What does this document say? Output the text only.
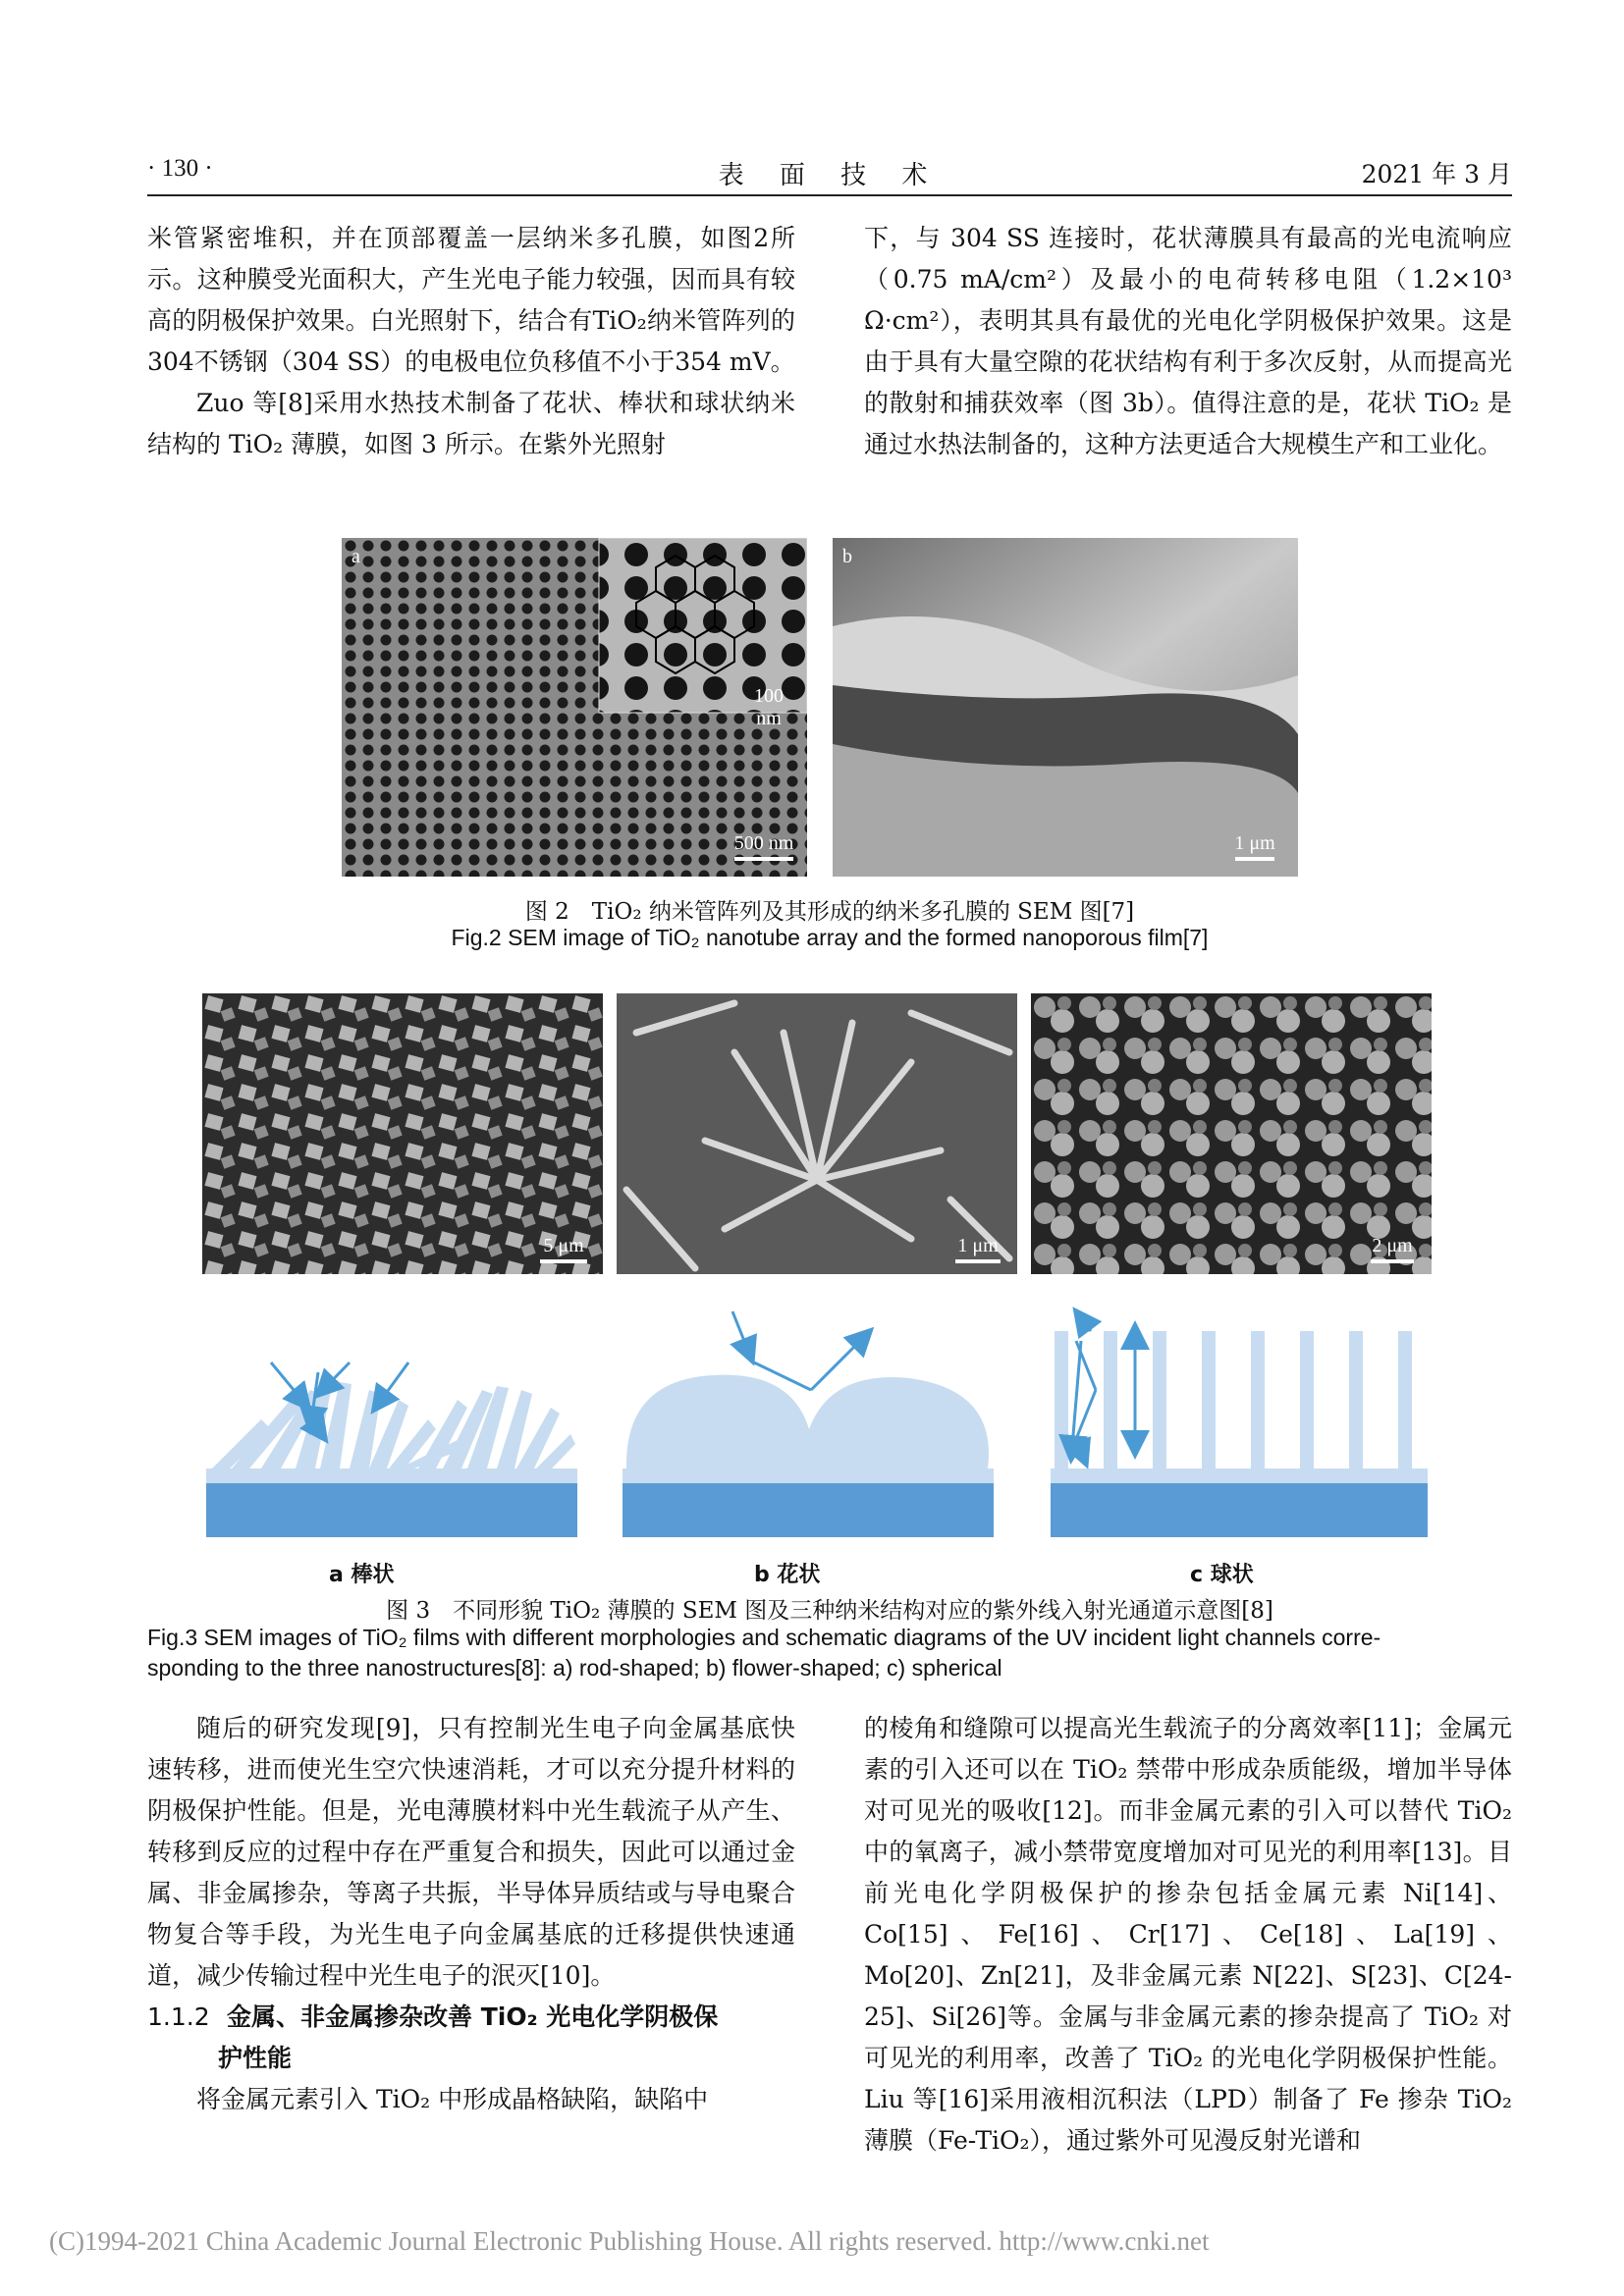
· 130 ·	表 面 技 术	2021 年 3 月

米管紧密堆积，并在顶部覆盖一层纳米多孔膜，如图2所示。这种膜受光面积大，产生光电子能力较强，因而具有较高的阴极保护效果。白光照射下，结合有TiO₂纳米管阵列的304不锈钢（304 SS）的电极电位负移值不小于354 mV。

Zuo 等[8]采用水热技术制备了花状、棒状和球状纳米结构的 TiO₂ 薄膜，如图 3 所示。在紫外光照射

下，与 304 SS 连接时，花状薄膜具有最高的光电流响应（0.75 mA/cm²）及最小的电荷转移电阻（1.2×10³ Ω·cm²），表明其具有最优的光电化学阴极保护效果。这是由于具有大量空隙的花状结构有利于多次反射，从而提高光的散射和捕获效率（图 3b）。值得注意的是，花状 TiO₂ 是通过水热法制备的，这种方法更适合大规模生产和工业化。

a
100 nm
500 nm
b
1 μm
图 2　TiO₂ 纳米管阵列及其形成的纳米多孔膜的 SEM 图[7]
Fig.2 SEM image of TiO₂ nanotube array and the formed nanoporous film[7]
5 μm	1 μm	2 μm
a 棒状	b 花状	c 球状
图 3　不同形貌 TiO₂ 薄膜的 SEM 图及三种纳米结构对应的紫外线入射光通道示意图[8]
Fig.3 SEM images of TiO₂ films with different morphologies and schematic diagrams of the UV incident light channels corre-
sponding to the three nanostructures[8]: a) rod-shaped; b) flower-shaped; c) spherical

随后的研究发现[9]，只有控制光生电子向金属基底快速转移，进而使光生空穴快速消耗，才可以充分提升材料的阴极保护性能。但是，光电薄膜材料中光生载流子从产生、转移到反应的过程中存在严重复合和损失，因此可以通过金属、非金属掺杂，等离子共振，半导体异质结或与导电聚合物复合等手段，为光生电子向金属基底的迁移提供快速通道，减少传输过程中光生电子的泯灭[10]。

1.1.2 金属、非金属掺杂改善 TiO₂ 光电化学阴极保
护性能

将金属元素引入 TiO₂ 中形成晶格缺陷，缺陷中

的棱角和缝隙可以提高光生载流子的分离效率[11]；金属元素的引入还可以在 TiO₂ 禁带中形成杂质能级，增加半导体对可见光的吸收[12]。而非金属元素的引入可以替代 TiO₂ 中的氧离子，减小禁带宽度增加对可见光的利用率[13]。目前光电化学阴极保护的掺杂包括金属元素 Ni[14]、Co[15]、Fe[16]、Cr[17]、Ce[18]、La[19]、Mo[20]、Zn[21]，及非金属元素 N[22]、S[23]、C[24-25]、Si[26]等。金属与非金属元素的掺杂提高了 TiO₂ 对可见光的利用率，改善了 TiO₂ 的光电化学阴极保护性能。Liu 等[16]采用液相沉积法（LPD）制备了 Fe 掺杂 TiO₂ 薄膜（Fe-TiO₂），通过紫外可见漫反射光谱和

(C)1994-2021 China Academic Journal Electronic Publishing House. All rights reserved. http://www.cnki.net
